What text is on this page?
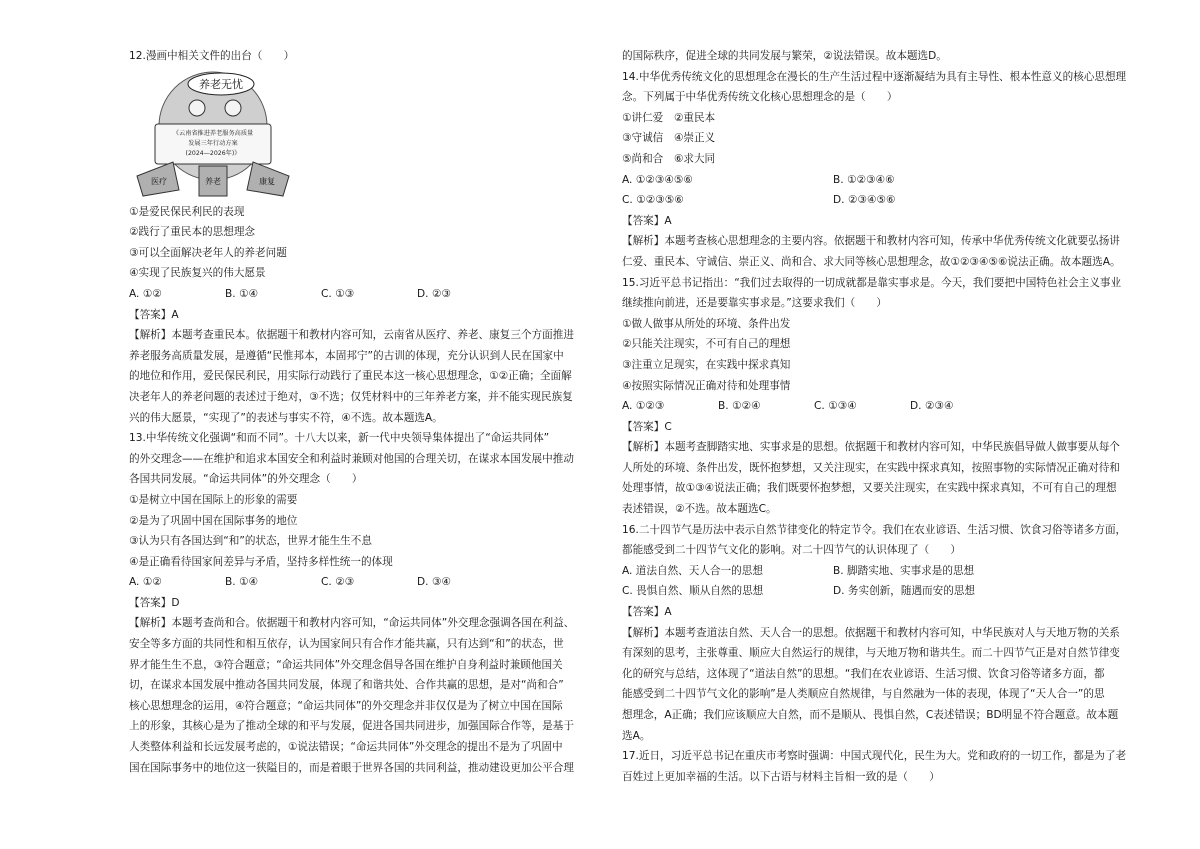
12.漫画中相关文件的出台（　　）
养老无忧
《云南省推进养老服务高质量
发展三年行动方案
(2024—2026年)》
医疗	养老	康复
①是爱民保民利民的表现
②践行了重民本的思想理念
③可以全面解决老年人的养老问题
④实现了民族复兴的伟大愿景
A. ①②	B. ①④	C. ①③	D. ②③
【答案】A
【解析】本题考查重民本。依据题干和教材内容可知，云南省从医疗、养老、康复三个方面推进
养老服务高质量发展，是遵循“民惟邦本，本固邦宁”的古训的体现，充分认识到人民在国家中
的地位和作用，爱民保民利民，用实际行动践行了重民本这一核心思想理念，①②正确；全面解
决老年人的养老问题的表述过于绝对，③不选；仅凭材料中的三年养老方案，并不能实现民族复
兴的伟大愿景，“实现了”的表述与事实不符，④不选。故本题选A。
13.中华传统文化强调“和而不同”。十八大以来，新一代中央领导集体提出了“命运共同体”
的外交理念——在维护和追求本国安全和利益时兼顾对他国的合理关切，在谋求本国发展中推动
各国共同发展。“命运共同体”的外交理念（　　）
①是树立中国在国际上的形象的需要
②是为了巩固中国在国际事务的地位
③认为只有各国达到“和”的状态，世界才能生生不息
④是正确看待国家间差异与矛盾，坚持多样性统一的体现
A. ①②	B. ①④	C. ②③	D. ③④
【答案】D
【解析】本题考查尚和合。依据题干和教材内容可知，“命运共同体”外交理念强调各国在利益、
安全等多方面的共同性和相互依存，认为国家间只有合作才能共赢，只有达到“和”的状态，世
界才能生生不息，③符合题意；“命运共同体”外交理念倡导各国在维护自身利益时兼顾他国关
切，在谋求本国发展中推动各国共同发展，体现了和谐共处、合作共赢的思想，是对“尚和合”
核心思想理念的运用，④符合题意；“命运共同体”的外交理念并非仅仅是为了树立中国在国际
上的形象，其核心是为了推动全球的和平与发展，促进各国共同进步，加强国际合作等，是基于
人类整体利益和长远发展考虑的，①说法错误；“命运共同体”外交理念的提出不是为了巩固中
国在国际事务中的地位这一狭隘目的，而是着眼于世界各国的共同利益，推动建设更加公平合理
的国际秩序，促进全球的共同发展与繁荣，②说法错误。故本题选D。
14.中华优秀传统文化的思想理念在漫长的生产生活过程中逐渐凝结为具有主导性、根本性意义的核心思想理
念。下列属于中华优秀传统文化核心思想理念的是（　　）
①讲仁爱　 ②重民本
③守诚信　 ④崇正义
⑤尚和合　 ⑥求大同
A. ①②③④⑤⑥	B. ①②③④⑥
C. ①②③⑤⑥	D. ②③④⑤⑥
【答案】A
【解析】本题考查核心思想理念的主要内容。依据题干和教材内容可知，传承中华优秀传统文化就要弘扬讲
仁爱、重民本、守诚信、崇正义、尚和合、求大同等核心思想理念，故①②③④⑤⑥说法正确。故本题选A。
15.习近平总书记指出：“我们过去取得的一切成就都是靠实事求是。今天，我们要把中国特色社会主义事业
继续推向前进，还是要靠实事求是。”这要求我们（　　）
①做人做事从所处的环境、条件出发
②只能关注现实，不可有自己的理想
③注重立足现实，在实践中探求真知
④按照实际情况正确对待和处理事情
A. ①②③	B. ①②④	C. ①③④	D. ②③④
【答案】C
【解析】本题考查脚踏实地、实事求是的思想。依据题干和教材内容可知，中华民族倡导做人做事要从每个
人所处的环境、条件出发，既怀抱梦想，又关注现实，在实践中探求真知，按照事物的实际情况正确对待和
处理事情，故①③④说法正确；我们既要怀抱梦想，又要关注现实，在实践中探求真知，不可有自己的理想
表述错误，②不选。故本题选C。
16.二十四节气是历法中表示自然节律变化的特定节令。我们在农业谚语、生活习惯、饮食习俗等诸多方面，
都能感受到二十四节气文化的影响。对二十四节气的认识体现了（　　）
A. 道法自然、天人合一的思想	B. 脚踏实地、实事求是的思想
C. 畏惧自然、顺从自然的思想	D. 务实创新，随遇而安的思想
【答案】A
【解析】本题考查道法自然、天人合一的思想。依据题干和教材内容可知，中华民族对人与天地万物的关系
有深刻的思考，主张尊重、顺应大自然运行的规律，与天地万物和谐共生。而二十四节气正是对自然节律变
化的研究与总结，这体现了“道法自然”的思想。“我们在农业谚语、生活习惯、饮食习俗等诸多方面，都
能感受到二十四节气文化的影响”是人类顺应自然规律，与自然融为一体的表现，体现了“天人合一”的思
想理念，A正确；我们应该顺应大自然，而不是顺从、畏惧自然，C表述错误；BD明显不符合题意。故本题
选A。
17.近日，习近平总书记在重庆市考察时强调：中国式现代化，民生为大。党和政府的一切工作，都是为了老
百姓过上更加幸福的生活。以下古语与材料主旨相一致的是（　　）
